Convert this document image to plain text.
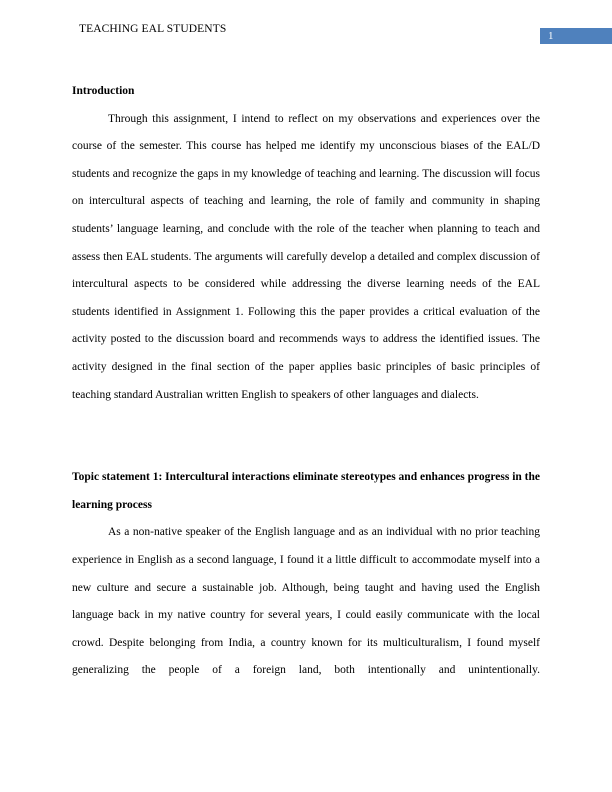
TEACHING EAL STUDENTS
1

Introduction

Through this assignment, I intend to reflect on my observations and experiences over the course of the semester. This course has helped me identify my unconscious biases of the EAL/D students and recognize the gaps in my knowledge of teaching and learning. The discussion will focus on intercultural aspects of teaching and learning, the role of family and community in shaping students’ language learning, and conclude with the role of the teacher when planning to teach and assess then EAL students. The arguments will carefully develop a detailed and complex discussion of intercultural aspects to be considered while addressing the diverse learning needs of the EAL students identified in Assignment 1. Following this the paper provides a critical evaluation of the activity posted to the discussion board and recommends ways to address the identified issues. The activity designed in the final section of the paper applies basic principles of basic principles of teaching standard Australian written English to speakers of other languages and dialects.

Topic statement 1: Intercultural interactions eliminate stereotypes and enhances progress in the learning process

As a non-native speaker of the English language and as an individual with no prior teaching experience in English as a second language, I found it a little difficult to accommodate myself into a new culture and secure a sustainable job. Although, being taught and having used the English language back in my native country for several years, I could easily communicate with the local crowd. Despite belonging from India, a country known for its multiculturalism, I found myself generalizing the people of a foreign land, both intentionally and unintentionally.
